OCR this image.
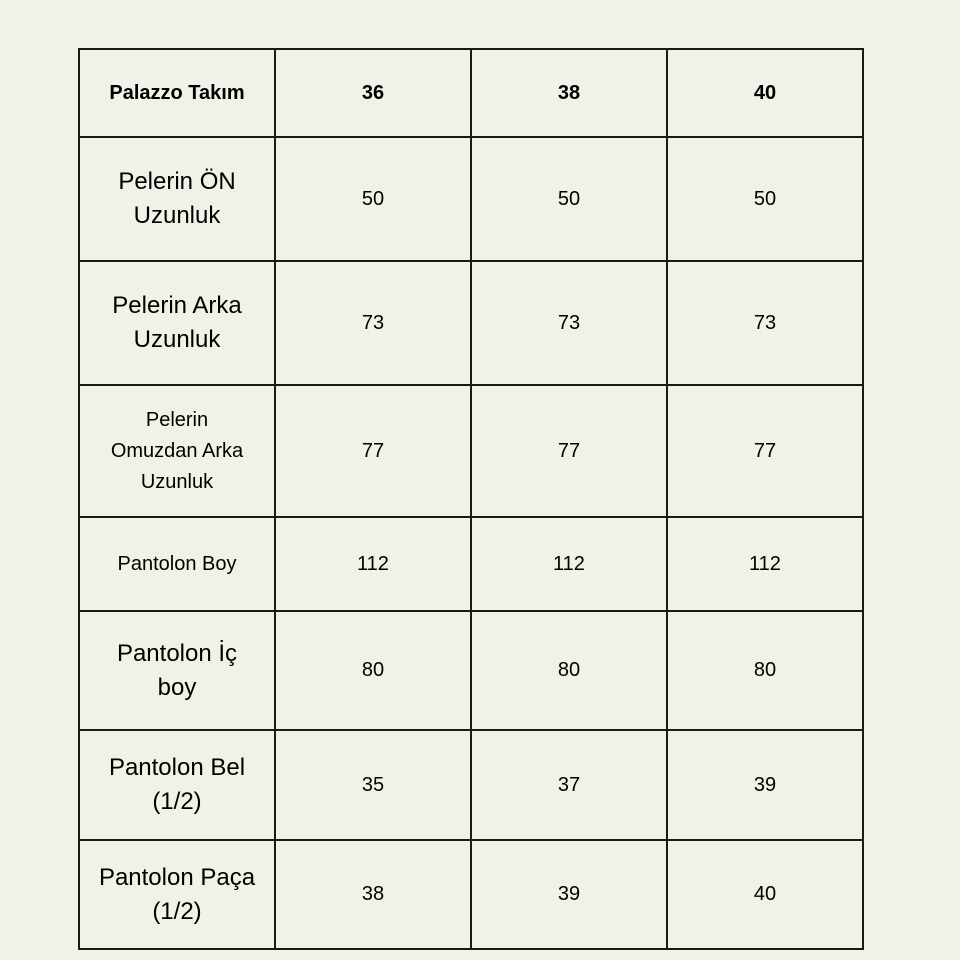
Palazzo Takım	36	38	40

Pelerin ÖN
Uzunluk	50	50	50

Pelerin Arka
Uzunluk	73	73	73

Pelerin
Omuzdan Arka
Uzunluk	77	77	77

Pantolon Boy	112	112	112

Pantolon İç
boy	80	80	80

Pantolon Bel
(1/2)	35	37	39

Pantolon Paça
(1/2)	38	39	40
